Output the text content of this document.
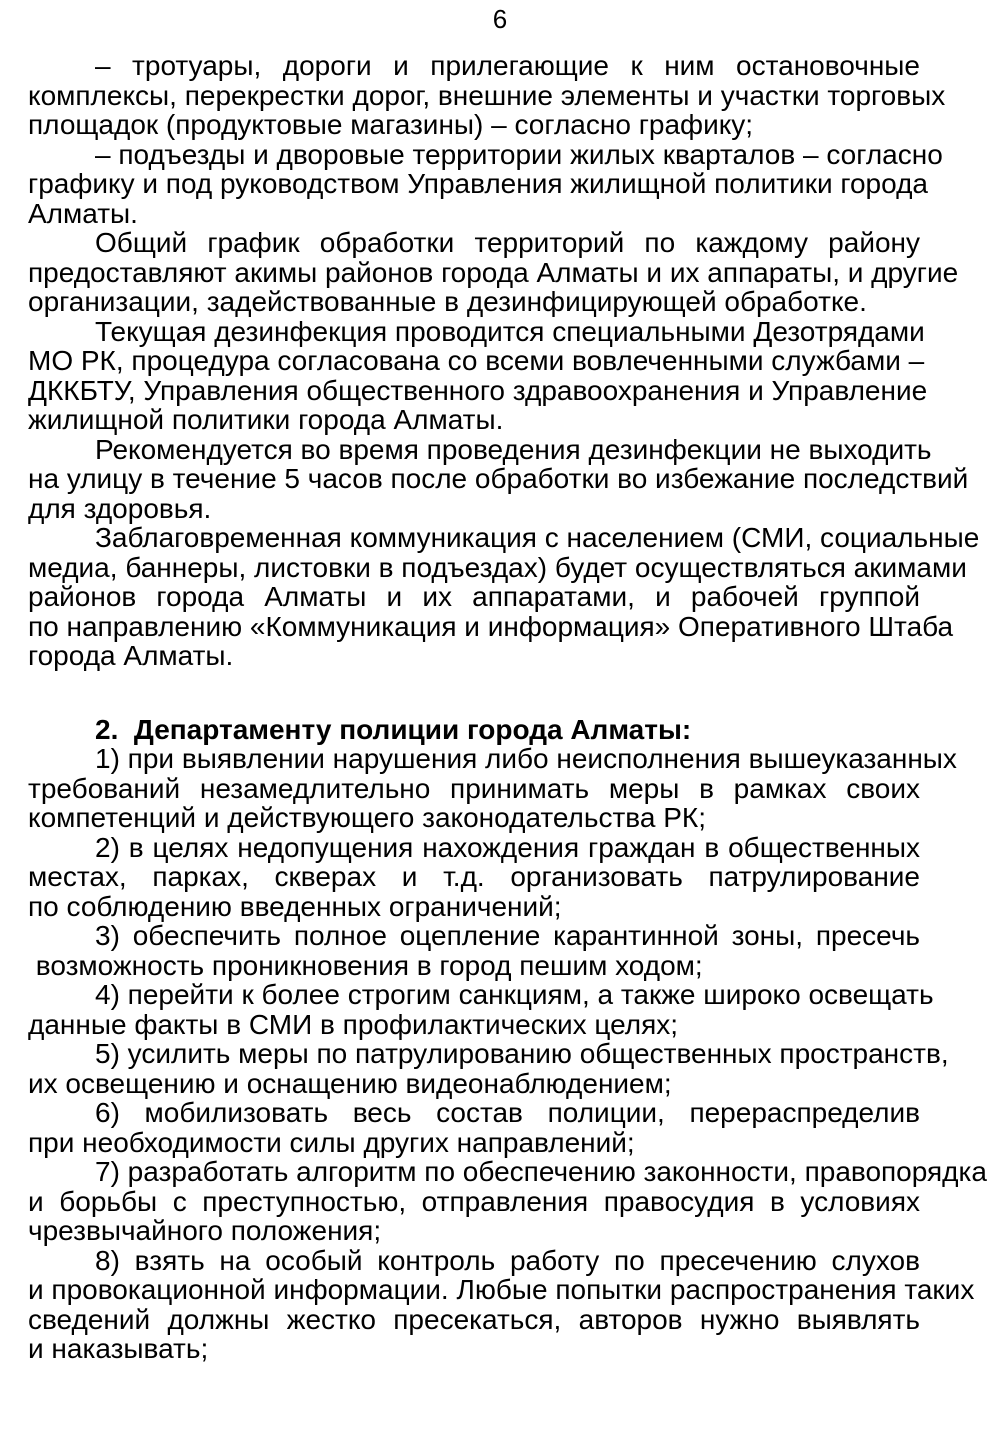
6
– тротуары, дороги и прилегающие к ним остановочные
комплексы, перекрестки дорог, внешние элементы и участки торговых
площадок (продуктовые магазины) – согласно графику;
– подъезды и дворовые территории жилых кварталов – согласно
графику и под руководством Управления жилищной политики города
Алматы.
Общий график обработки территорий по каждому району
предоставляют акимы районов города Алматы и их аппараты, и другие
организации, задействованные в дезинфицирующей обработке.
Текущая дезинфекция проводится специальными Дезотрядами
МО РК, процедура согласована со всеми вовлеченными службами –
ДККБТУ, Управления общественного здравоохранения и Управление
жилищной политики города Алматы.
Рекомендуется во время проведения дезинфекции не выходить
на улицу в течение 5 часов после обработки во избежание последствий
для здоровья.
Заблаговременная коммуникация с населением (СМИ, социальные
медиа, баннеры, листовки в подъездах) будет осуществляться акимами
районов города Алматы и их аппаратами, и рабочей группой
по направлению «Коммуникация и информация» Оперативного Штаба
города Алматы.
2.  Департаменту полиции города Алматы:
1) при выявлении нарушения либо неисполнения вышеуказанных
требований незамедлительно принимать меры в рамках своих
компетенций и действующего законодательства РК;
2) в целях недопущения нахождения граждан в общественных
местах, парках, скверах и т.д. организовать патрулирование
по соблюдению введенных ограничений;
3) обеспечить полное оцепление карантинной зоны, пресечь
возможность проникновения в город пешим ходом;
4) перейти к более строгим санкциям, а также широко освещать
данные факты в СМИ в профилактических целях;
5) усилить меры по патрулированию общественных пространств,
их освещению и оснащению видеонаблюдением;
6) мобилизовать весь состав полиции, перераспределив
при необходимости силы других направлений;
7) разработать алгоритм по обеспечению законности, правопорядка
и борьбы с преступностью, отправления правосудия в условиях
чрезвычайного положения;
8) взять на особый контроль работу по пресечению слухов
и провокационной информации. Любые попытки распространения таких
сведений должны жестко пресекаться, авторов нужно выявлять
и наказывать;
